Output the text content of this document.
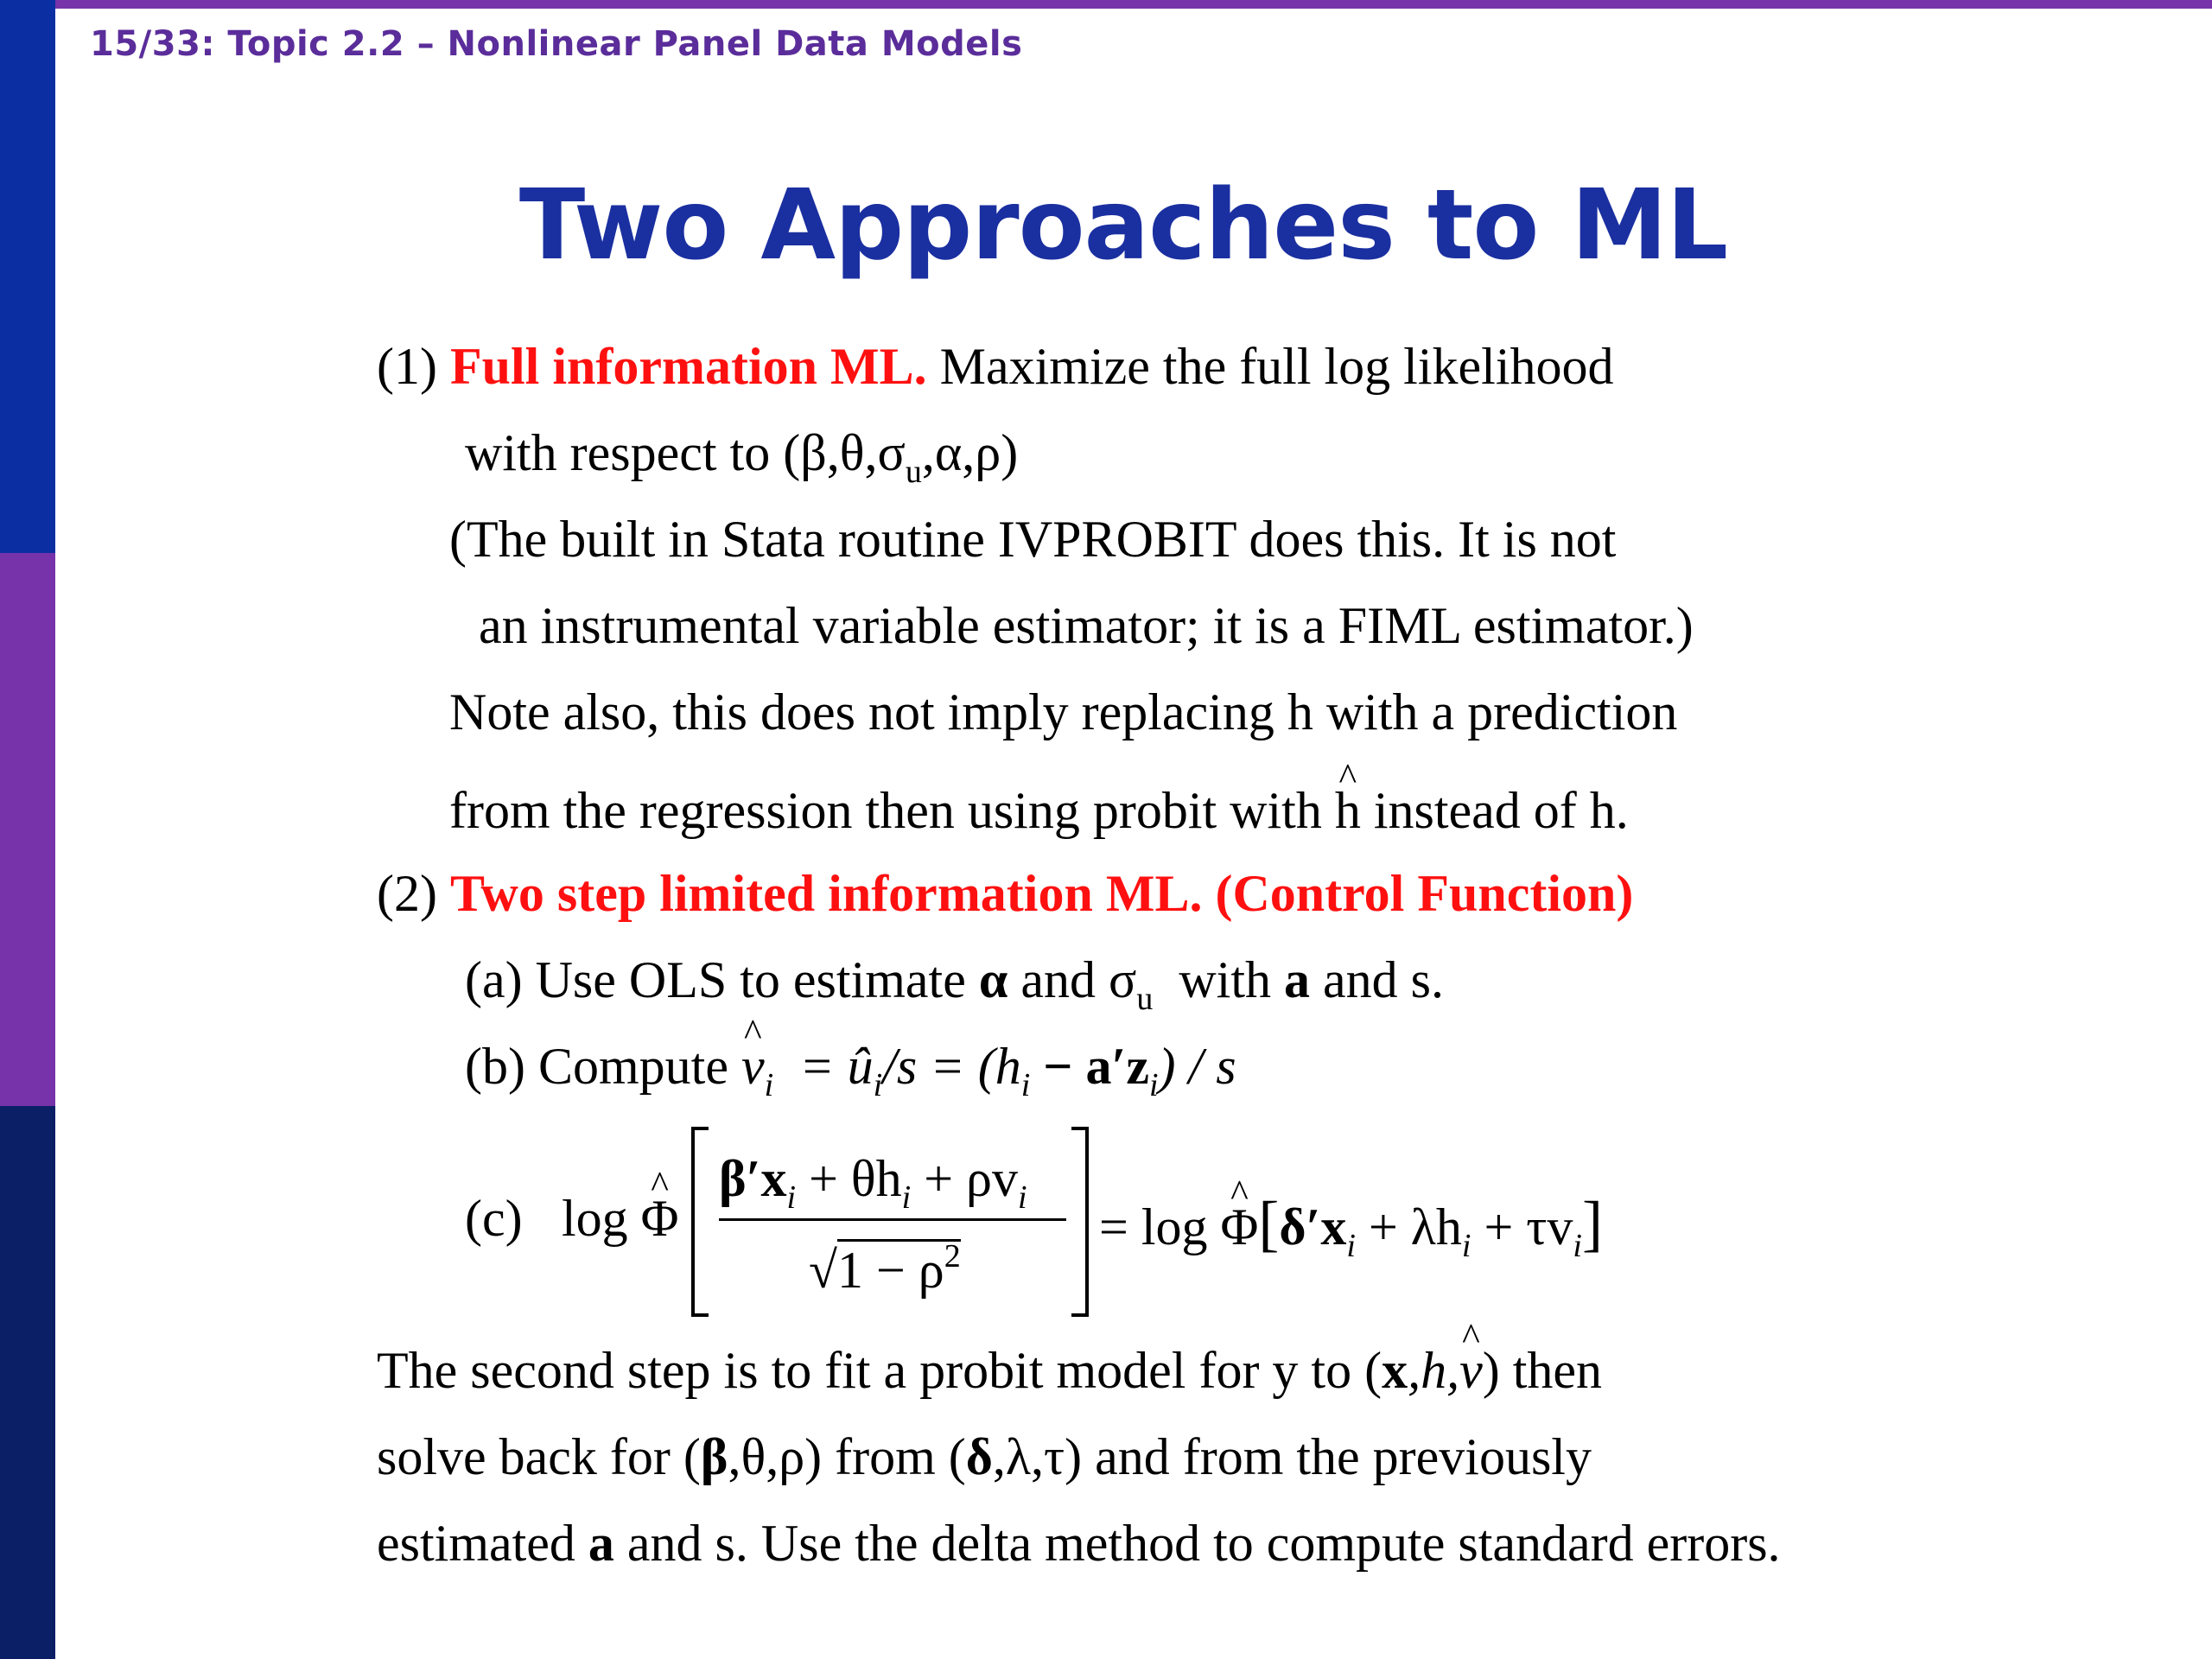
15/33: Topic 2.2 – Nonlinear Panel Data Models
Two Approaches to ML
(1) Full information ML. Maximize the full log likelihood
with respect to $(\beta,\theta,\sigma_u,\alpha,\rho)$
(The built in Stata routine IVPROBIT does this. It is not
an instrumental variable estimator; it is a FIML estimator.)
Note also, this does not imply replacing h with a prediction
from the regression then using probit with ^ h instead of h.
(2) Two step limited information ML. (Control Function)
(a) Use OLS to estimate α and $\sigma_u$ with a and s.
(b) Compute ^ $v_i$ = $û_i/s = (h_i - a'z_i) / s$
(c) log ^ Φ
$\beta'x_i + \theta h_i + \rho v_i$
$√1 - \rho^2$
= log ^ $\Phi[\delta'x_i + \lambda h_i + \tau v_i]$
The second step is to fit a probit model for y to (x,h,^ v) then
solve back for (β,θ,ρ) from (δ,λ,τ) and from the previously
estimated a and s. Use the delta method to compute standard errors.
